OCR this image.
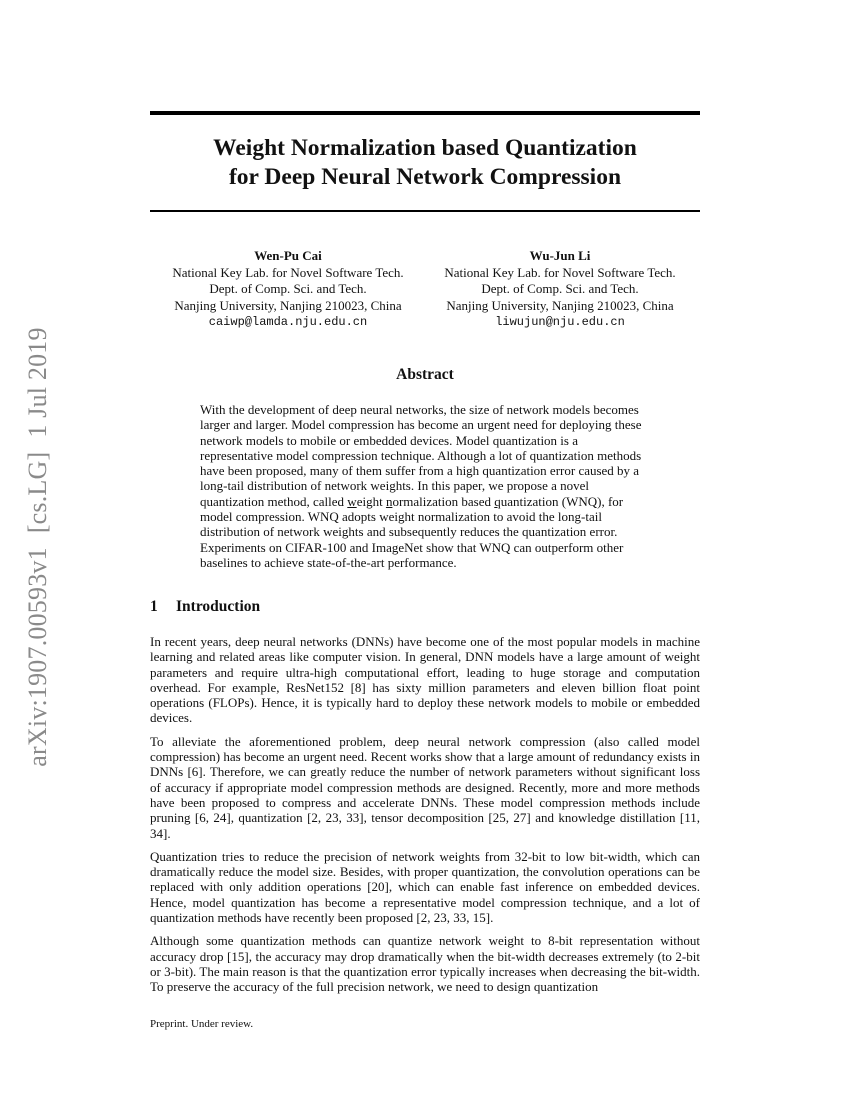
arXiv:1907.00593v1[cs.LG]1 Jul 2019
Weight Normalization based Quantization
for Deep Neural Network Compression
Wen-Pu Cai
National Key Lab. for Novel Software Tech.
Dept. of Comp. Sci. and Tech.
Nanjing University, Nanjing 210023, China
caiwp@lamda.nju.edu.cn
Wu-Jun Li
National Key Lab. for Novel Software Tech.
Dept. of Comp. Sci. and Tech.
Nanjing University, Nanjing 210023, China
liwujun@nju.edu.cn
Abstract
With the development of deep neural networks, the size of network models becomes larger and larger. Model compression has become an urgent need for deploying these network models to mobile or embedded devices. Model quantization is a representative model compression technique. Although a lot of quantization methods have been proposed, many of them suffer from a high quantization error caused by a long-tail distribution of network weights. In this paper, we propose a novel quantization method, called weight normalization based quantization (WNQ), for model compression. WNQ adopts weight normalization to avoid the long-tail distribution of network weights and subsequently reduces the quantization error. Experiments on CIFAR-100 and ImageNet show that WNQ can outperform other baselines to achieve state-of-the-art performance.
1 Introduction

In recent years, deep neural networks (DNNs) have become one of the most popular models in machine learning and related areas like computer vision. In general, DNN models have a large amount of weight parameters and require ultra-high computational effort, leading to huge storage and computation overhead. For example, ResNet152 [8] has sixty million parameters and eleven billion float point operations (FLOPs). Hence, it is typically hard to deploy these network models to mobile or embedded devices.

To alleviate the aforementioned problem, deep neural network compression (also called model compression) has become an urgent need. Recent works show that a large amount of redundancy exists in DNNs [6]. Therefore, we can greatly reduce the number of network parameters without significant loss of accuracy if appropriate model compression methods are designed. Recently, more and more methods have been proposed to compress and accelerate DNNs. These model compression methods include pruning [6, 24], quantization [2, 23, 33], tensor decomposition [25, 27] and knowledge distillation [11, 34].

Quantization tries to reduce the precision of network weights from 32-bit to low bit-width, which can dramatically reduce the model size. Besides, with proper quantization, the convolution operations can be replaced with only addition operations [20], which can enable fast inference on embedded devices. Hence, model quantization has become a representative model compression technique, and a lot of quantization methods have recently been proposed [2, 23, 33, 15].

Although some quantization methods can quantize network weight to 8-bit representation without accuracy drop [15], the accuracy may drop dramatically when the bit-width decreases extremely (to 2-bit or 3-bit). The main reason is that the quantization error typically increases when decreasing the bit-width. To preserve the accuracy of the full precision network, we need to design quantization

Preprint. Under review.
